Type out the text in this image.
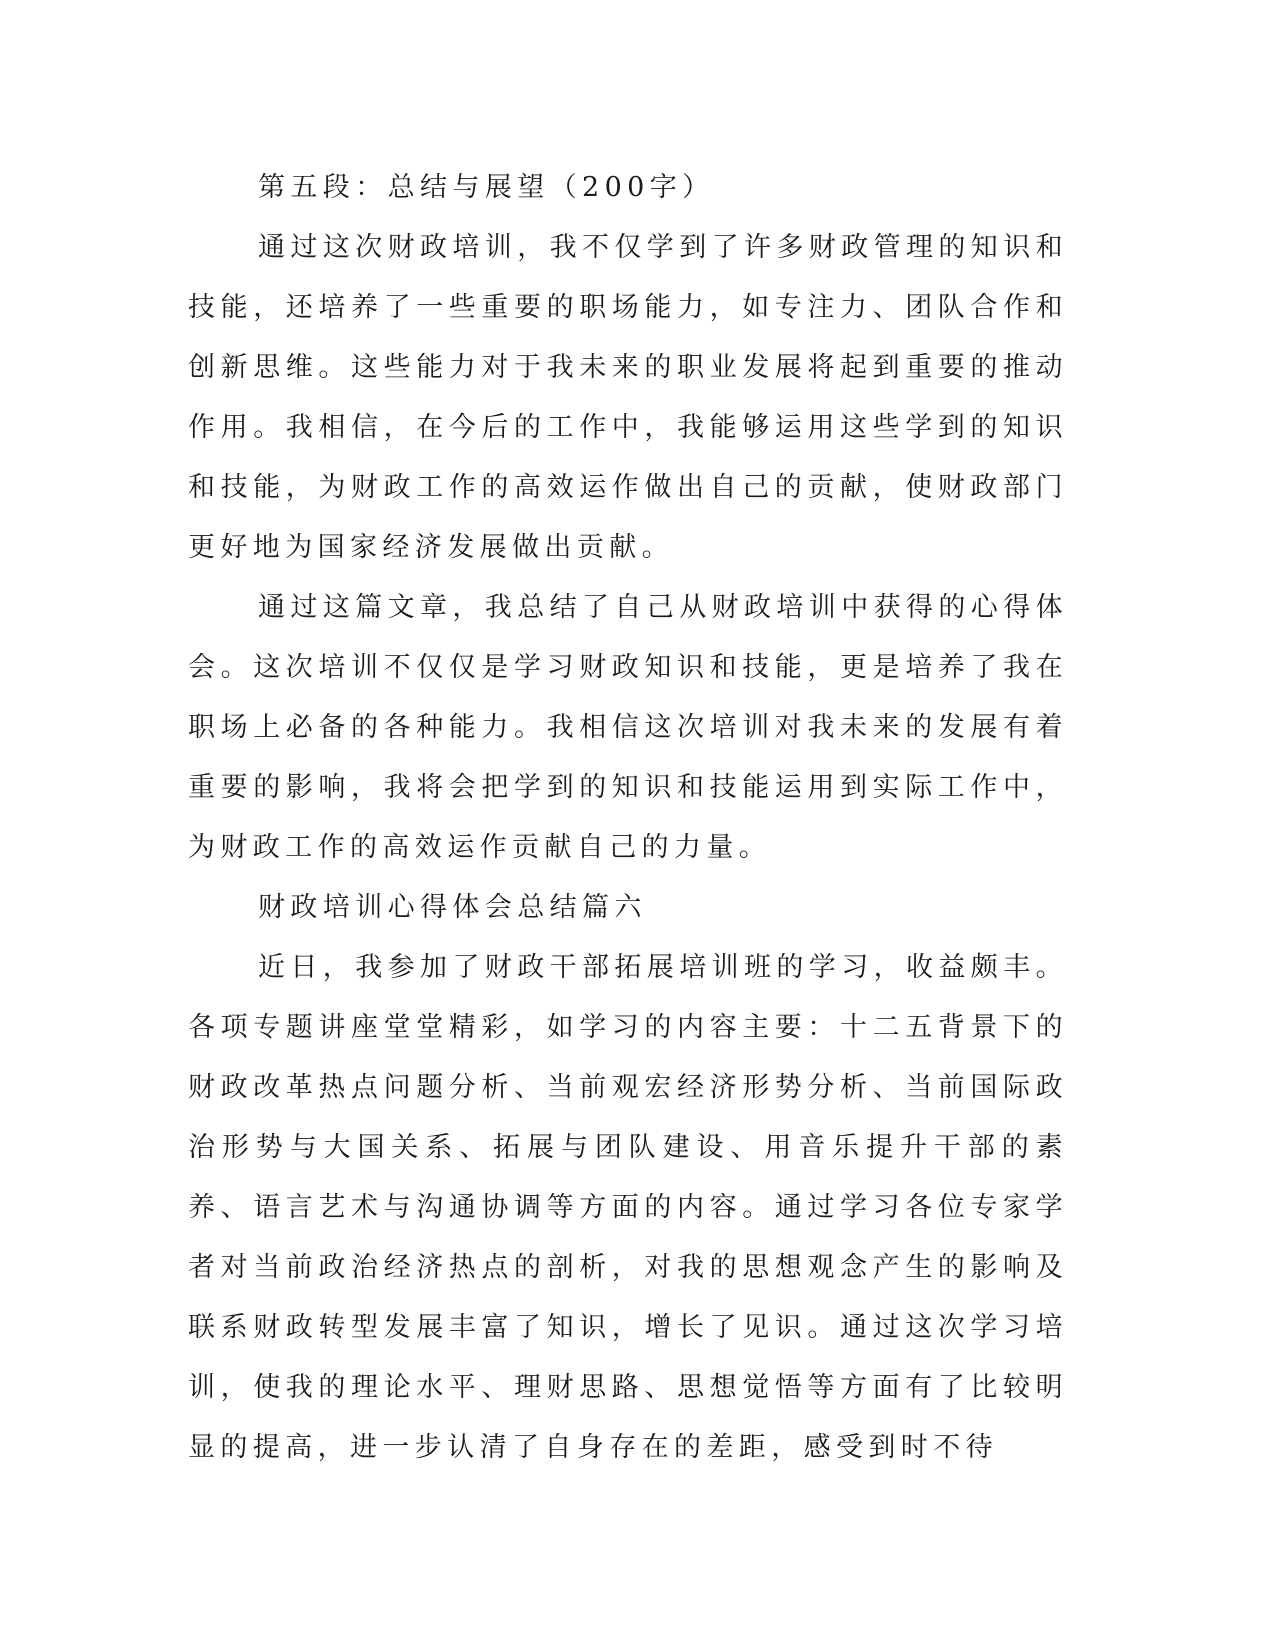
第五段：总结与展望（200字）

通过这次财政培训，我不仅学到了许多财政管理的知识和技能，还培养了一些重要的职场能力，如专注力、团队合作和创新思维。这些能力对于我未来的职业发展将起到重要的推动作用。我相信，在今后的工作中，我能够运用这些学到的知识和技能，为财政工作的高效运作做出自己的贡献，使财政部门更好地为国家经济发展做出贡献。

通过这篇文章，我总结了自己从财政培训中获得的心得体会。这次培训不仅仅是学习财政知识和技能，更是培养了我在职场上必备的各种能力。我相信这次培训对我未来的发展有着重要的影响，我将会把学到的知识和技能运用到实际工作中，为财政工作的高效运作贡献自己的力量。

财政培训心得体会总结篇六

近日，我参加了财政干部拓展培训班的学习，收益颇丰。各项专题讲座堂堂精彩，如学习的内容主要：十二五背景下的财政改革热点问题分析、当前观宏经济形势分析、当前国际政治形势与大国关系、拓展与团队建设、用音乐提升干部的素养、语言艺术与沟通协调等方面的内容。通过学习各位专家学者对当前政治经济热点的剖析，对我的思想观念产生的影响及联系财政转型发展丰富了知识，增长了见识。通过这次学习培训，使我的理论水平、理财思路、思想觉悟等方面有了比较明显的提高，进一步认清了自身存在的差距，感受到时不待
